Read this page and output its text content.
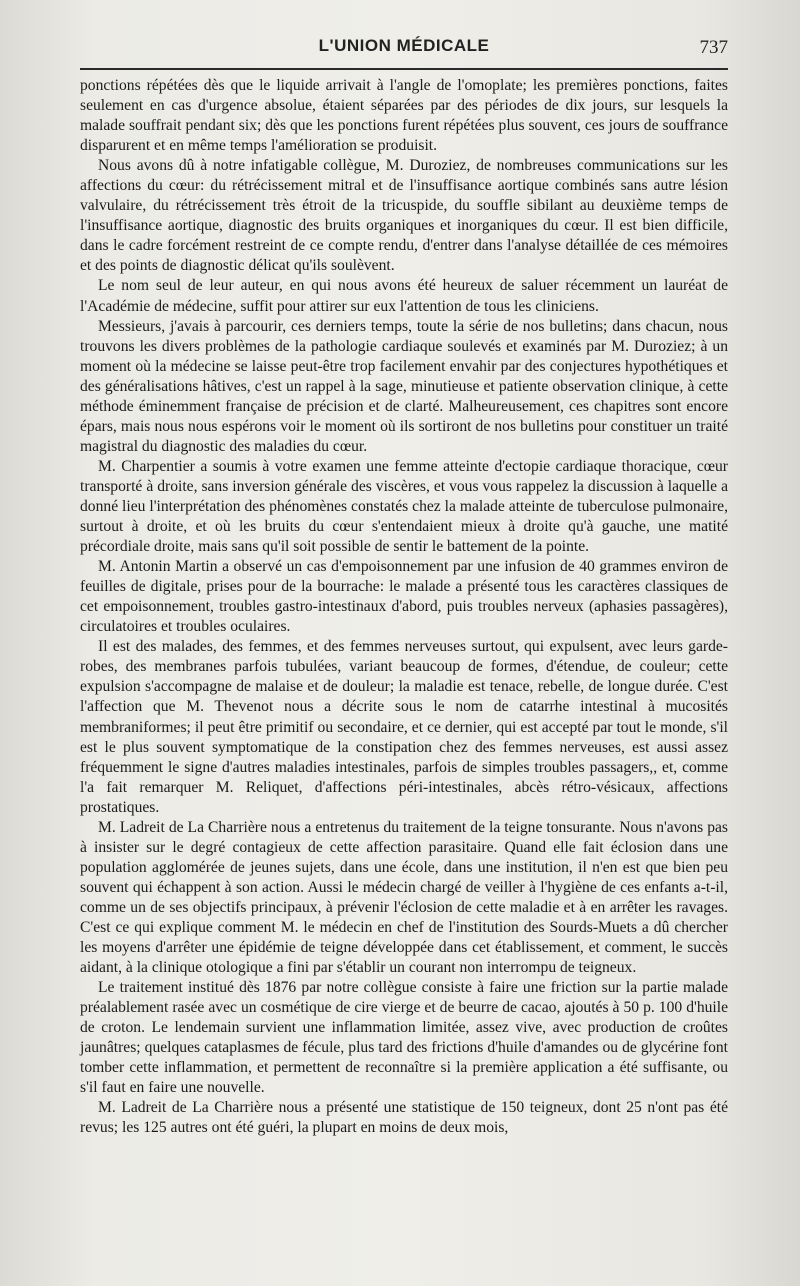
L'UNION MÉDICALE	737

ponctions répétées dès que le liquide arrivait à l'angle de l'omoplate; les premières ponctions, faites seulement en cas d'urgence absolue, étaient séparées par des périodes de dix jours, sur lesquels la malade souffrait pendant six; dès que les ponctions furent répétées plus souvent, ces jours de souffrance disparurent et en même temps l'amélioration se produisit.

Nous avons dû à notre infatigable collègue, M. Duroziez, de nombreuses communications sur les affections du cœur: du rétrécissement mitral et de l'insuffisance aortique combinés sans autre lésion valvulaire, du rétrécissement très étroit de la tricuspide, du souffle sibilant au deuxième temps de l'insuffisance aortique, diagnostic des bruits organiques et inorganiques du cœur. Il est bien difficile, dans le cadre forcément restreint de ce compte rendu, d'entrer dans l'analyse détaillée de ces mémoires et des points de diagnostic délicat qu'ils soulèvent.

Le nom seul de leur auteur, en qui nous avons été heureux de saluer récemment un lauréat de l'Académie de médecine, suffit pour attirer sur eux l'attention de tous les cliniciens.

Messieurs, j'avais à parcourir, ces derniers temps, toute la série de nos bulletins; dans chacun, nous trouvons les divers problèmes de la pathologie cardiaque soulevés et examinés par M. Duroziez; à un moment où la médecine se laisse peut-être trop facilement envahir par des conjectures hypothétiques et des généralisations hâtives, c'est un rappel à la sage, minutieuse et patiente observation clinique, à cette méthode éminemment française de précision et de clarté. Malheureusement, ces chapitres sont encore épars, mais nous nous espérons voir le moment où ils sortiront de nos bulletins pour constituer un traité magistral du diagnostic des maladies du cœur.

M. Charpentier a soumis à votre examen une femme atteinte d'ectopie cardiaque thoracique, cœur transporté à droite, sans inversion générale des viscères, et vous vous rappelez la discussion à laquelle a donné lieu l'interprétation des phénomènes constatés chez la malade atteinte de tuberculose pulmonaire, surtout à droite, et où les bruits du cœur s'entendaient mieux à droite qu'à gauche, une matité précordiale droite, mais sans qu'il soit possible de sentir le battement de la pointe.

M. Antonin Martin a observé un cas d'empoisonnement par une infusion de 40 grammes environ de feuilles de digitale, prises pour de la bourrache: le malade a présenté tous les caractères classiques de cet empoisonnement, troubles gastro-intestinaux d'abord, puis troubles nerveux (aphasies passagères), circulatoires et troubles oculaires.

Il est des malades, des femmes, et des femmes nerveuses surtout, qui expulsent, avec leurs garde-robes, des membranes parfois tubulées, variant beaucoup de formes, d'étendue, de couleur; cette expulsion s'accompagne de malaise et de douleur; la maladie est tenace, rebelle, de longue durée. C'est l'affection que M. Thevenot nous a décrite sous le nom de catarrhe intestinal à mucosités membraniformes; il peut être primitif ou secondaire, et ce dernier, qui est accepté par tout le monde, s'il est le plus souvent symptomatique de la constipation chez des femmes nerveuses, est aussi assez fréquemment le signe d'autres maladies intestinales, parfois de simples troubles passagers,, et, comme l'a fait remarquer M. Reliquet, d'affections péri-intestinales, abcès rétro-vésicaux, affections prostatiques.

M. Ladreit de La Charrière nous a entretenus du traitement de la teigne tonsurante. Nous n'avons pas à insister sur le degré contagieux de cette affection parasitaire. Quand elle fait éclosion dans une population agglomérée de jeunes sujets, dans une école, dans une institution, il n'en est que bien peu souvent qui échappent à son action. Aussi le médecin chargé de veiller à l'hygiène de ces enfants a-t-il, comme un de ses objectifs principaux, à prévenir l'éclosion de cette maladie et à en arrêter les ravages. C'est ce qui explique comment M. le médecin en chef de l'institution des Sourds-Muets a dû chercher les moyens d'arrêter une épidémie de teigne développée dans cet établissement, et comment, le succès aidant, à la clinique otologique a fini par s'établir un courant non interrompu de teigneux.

Le traitement institué dès 1876 par notre collègue consiste à faire une friction sur la partie malade préalablement rasée avec un cosmétique de cire vierge et de beurre de cacao, ajoutés à 50 p. 100 d'huile de croton. Le lendemain survient une inflammation limitée, assez vive, avec production de croûtes jaunâtres; quelques cataplasmes de fécule, plus tard des frictions d'huile d'amandes ou de glycérine font tomber cette inflammation, et permettent de reconnaître si la première application a été suffisante, ou s'il faut en faire une nouvelle.

M. Ladreit de La Charrière nous a présenté une statistique de 150 teigneux, dont 25 n'ont pas été revus; les 125 autres ont été guéri, la plupart en moins de deux mois,
